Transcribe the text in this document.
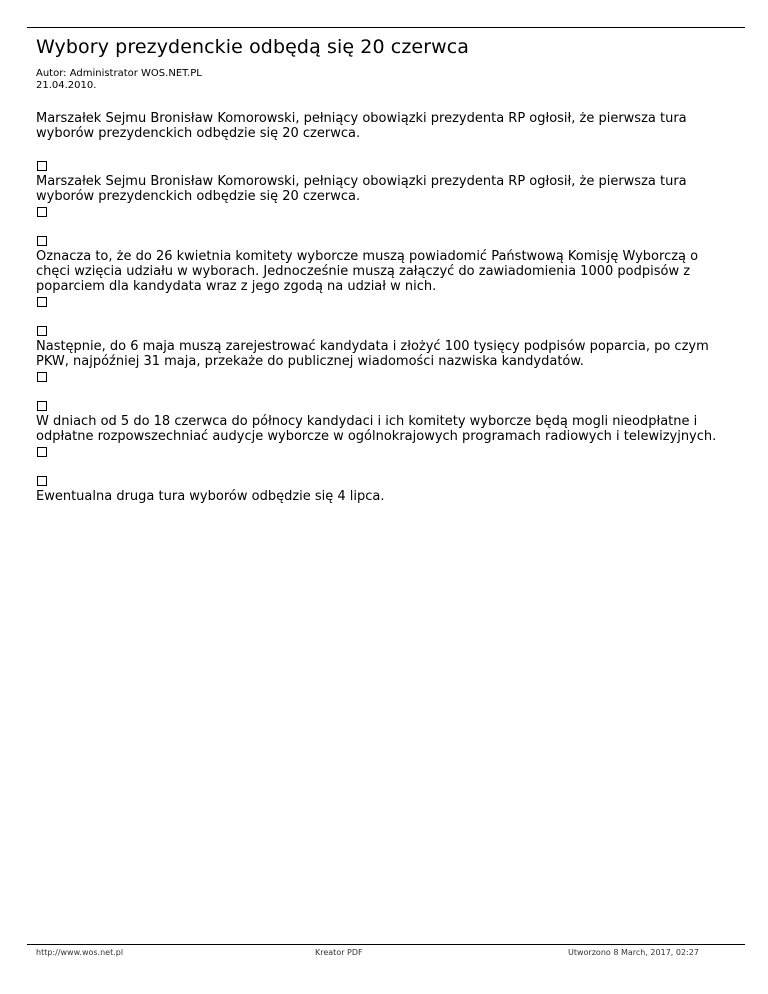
Wybory prezydenckie odbędą się 20 czerwca
Autor: Administrator WOS.NET.PL
21.04.2010.

Marszałek Sejmu Bronisław Komorowski, pełniący obowiązki prezydenta RP ogłosił, że pierwsza tura wyborów prezydenckich odbędzie się 20 czerwca.

Marszałek Sejmu Bronisław Komorowski, pełniący obowiązki prezydenta RP ogłosił, że pierwsza tura wyborów prezydenckich odbędzie się 20 czerwca.

Oznacza to, że do 26 kwietnia komitety wyborcze muszą powiadomić Państwową Komisję Wyborczą o chęci wzięcia udziału w wyborach. Jednocześnie muszą załączyć do zawiadomienia 1000 podpisów z poparciem dla kandydata wraz z jego zgodą na udział w nich.

Następnie, do 6 maja muszą zarejestrować kandydata i złożyć 100 tysięcy podpisów poparcia, po czym PKW, najpóźniej 31 maja, przekaże do publicznej wiadomości nazwiska kandydatów.

W dniach od 5 do 18 czerwca do północy kandydaci i ich komitety wyborcze będą mogli nieodpłatne i odpłatne rozpowszechniać audycje wyborcze w ogólnokrajowych programach radiowych i telewizyjnych.

Ewentualna druga tura wyborów odbędzie się 4 lipca.

http://www.wos.net.pl	Kreator PDF	Utworzono 8 March, 2017, 02:27
